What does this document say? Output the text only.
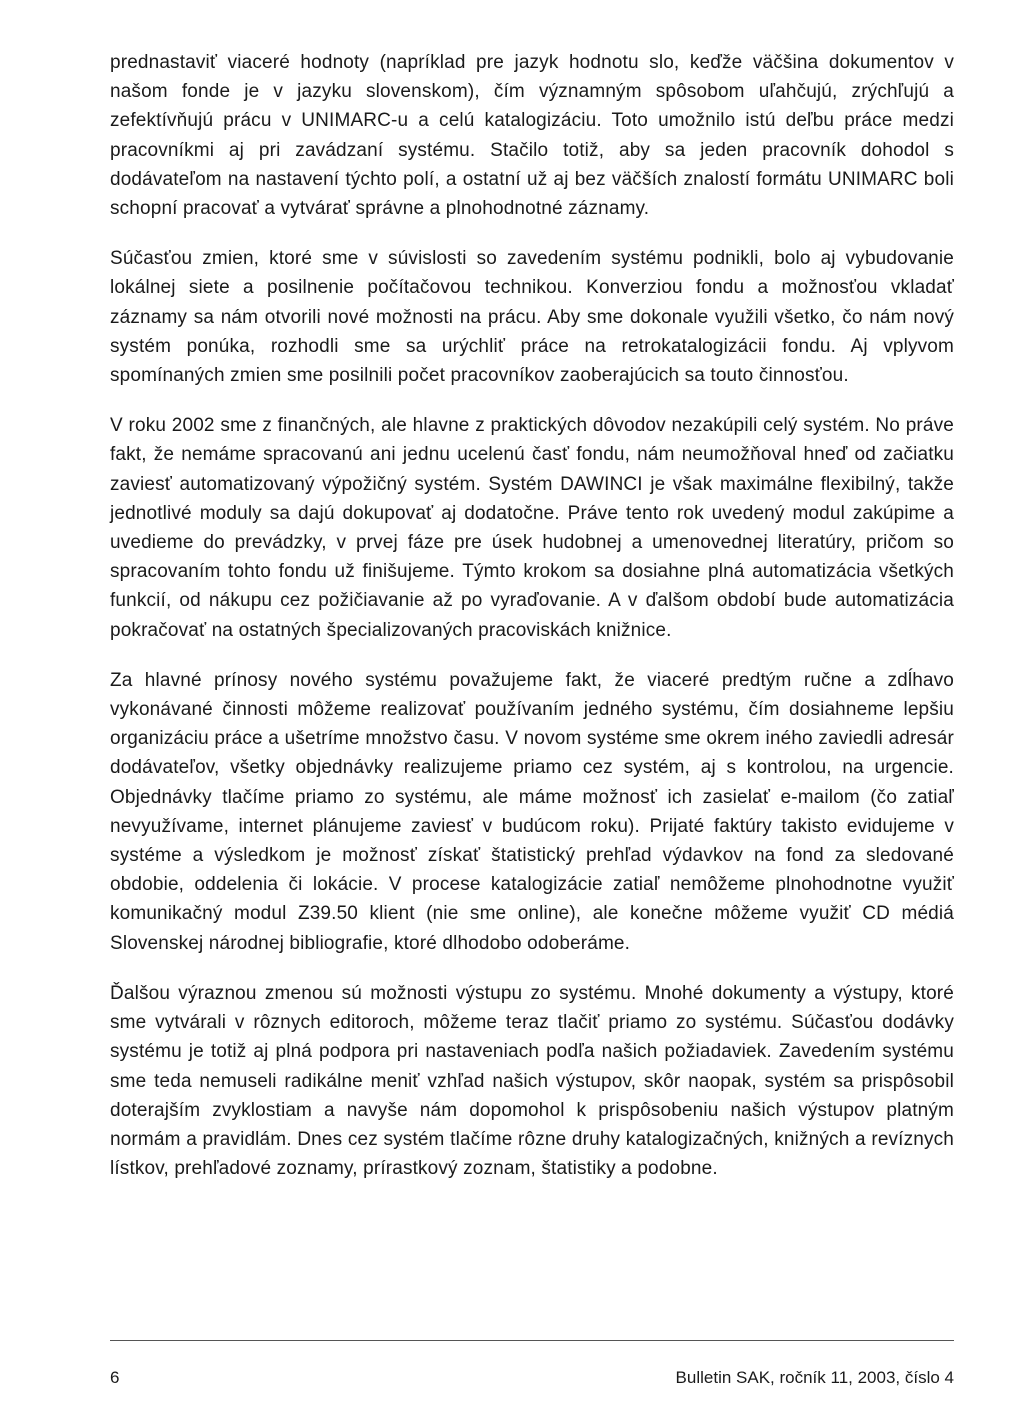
prednastaviť viaceré hodnoty (napríklad pre jazyk hodnotu slo, keďže väčšina dokumentov v našom fonde je v jazyku slovenskom), čím významným spôsobom uľahčujú, zrýchľujú a zefektívňujú prácu v UNIMARC-u a celú katalogizáciu. Toto umožnilo istú deľbu práce medzi pracovníkmi aj pri zavádzaní systému. Stačilo totiž, aby sa jeden pracovník dohodol s dodávateľom na nastavení týchto polí, a ostatní už aj bez väčších znalostí formátu UNIMARC boli schopní pracovať a vytvárať správne a plnohodnotné záznamy.

Súčasťou zmien, ktoré sme v súvislosti so zavedením systému podnikli, bolo aj vybudovanie lokálnej siete a posilnenie počítačovou technikou. Konverziou fondu a možnosťou vkladať záznamy sa nám otvorili nové možnosti na prácu. Aby sme dokonale využili všetko, čo nám nový systém ponúka, rozhodli sme sa urýchliť práce na retrokatalogizácii fondu. Aj vplyvom spomínaných zmien sme posilnili počet pracovníkov zaoberajúcich sa touto činnosťou.

V roku 2002 sme z finančných, ale hlavne z praktických dôvodov nezakúpili celý systém. No práve fakt, že nemáme spracovanú ani jednu ucelenú časť fondu, nám neumožňoval hneď od začiatku zaviesť automatizovaný výpožičný systém. Systém DAWINCI je však maximálne flexibilný, takže jednotlivé moduly sa dajú dokupovať aj dodatočne. Práve tento rok uvedený modul zakúpime a uvedieme do prevádzky, v prvej fáze pre úsek hudobnej a umenovednej literatúry, pričom so spracovaním tohto fondu už finišujeme. Týmto krokom sa dosiahne plná automatizácia všetkých funkcií, od nákupu cez požičiavanie až po vyraďovanie. A v ďalšom období bude automatizácia pokračovať na ostatných špecializovaných pracoviskách knižnice.

Za hlavné prínosy nového systému považujeme fakt, že viaceré predtým ručne a zdĺhavo vykonávané činnosti môžeme realizovať používaním jedného systému, čím dosiahneme lepšiu organizáciu práce a ušetríme množstvo času. V novom systéme sme okrem iného zaviedli adresár dodávateľov, všetky objednávky realizujeme priamo cez systém, aj s kontrolou, na urgencie. Objednávky tlačíme priamo zo systému, ale máme možnosť ich zasielať e-mailom (čo zatiaľ nevyužívame, internet plánujeme zaviesť v budúcom roku). Prijaté faktúry takisto evidujeme v systéme a výsledkom je možnosť získať štatistický prehľad výdavkov na fond za sledované obdobie, oddelenia či lokácie. V procese katalogizácie zatiaľ nemôžeme plnohodnotne využiť komunikačný modul Z39.50 klient (nie sme online), ale konečne môžeme využiť CD médiá Slovenskej národnej bibliografie, ktoré dlhodobo odoberáme.

Ďalšou výraznou zmenou sú možnosti výstupu zo systému. Mnohé dokumenty a výstupy, ktoré sme vytvárali v rôznych editoroch, môžeme teraz tlačiť priamo zo systému. Súčasťou dodávky systému je totiž aj plná podpora pri nastaveniach podľa našich požiadaviek. Zavedením systému sme teda nemuseli radikálne meniť vzhľad našich výstupov, skôr naopak, systém sa prispôsobil doterajším zvyklostiam a navyše nám dopomohol k prispôsobeniu našich výstupov platným normám a pravidlám. Dnes cez systém tlačíme rôzne druhy katalogizačných, knižných a revíznych lístkov, prehľadové zoznamy, prírastkový zoznam, štatistiky a podobne.

6	Bulletin SAK, ročník 11, 2003, číslo 4
